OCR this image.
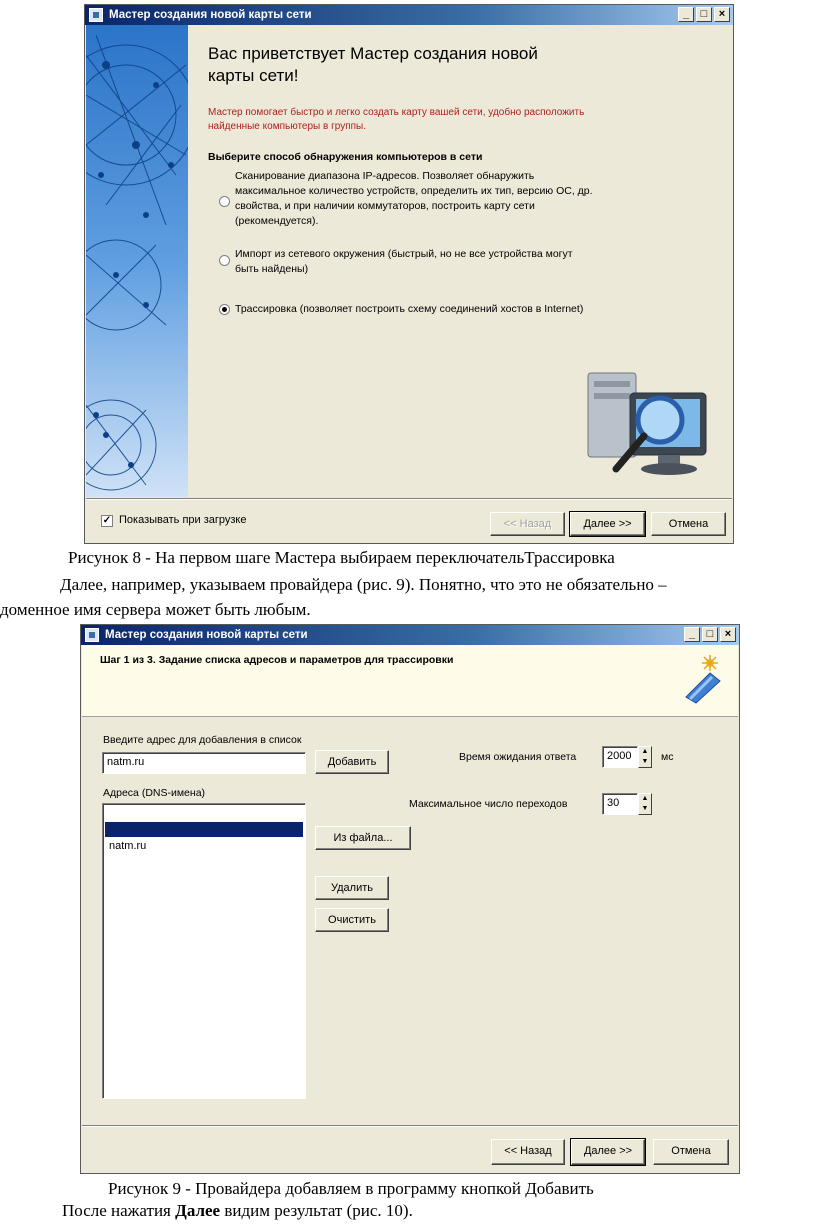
Мастер создания новой карты сети	_	□	×
Вас приветствует Мастер создания новой
карты сети!
Мастер помогает быстро и легко создать карту вашей сети, удобно расположить
найденные компьютеры в группы.
Выберите способ обнаружения компьютеров в сети
Сканирование диапазона IP-адресов. Позволяет обнаружить
максимальное количество устройств, определить их тип, версию ОС, др.
свойства, и при наличии коммутаторов, построить карту сети
(рекомендуется).
Импорт из сетевого окружения (быстрый, но не все устройства могут
быть найдены)
Трассировка (позволяет построить схему соединений хостов в Internet)
✓ Показывать при загрузке	<< Назад	Далее >>	Отмена
Рисунок 8 - На первом шаге Мастера выбираем переключательТрассировка
Далее, например, указываем провайдера (рис. 9). Понятно, что это не обязательно –
доменное имя сервера может быть любым.
Мастер создания новой карты сети	_	□	×
Шаг 1 из 3. Задание списка адресов и параметров для трассировки
Введите адрес для добавления в список
natm.ru	Добавить
Адреса (DNS-имена)
natm.ru
Из файла...
Удалить
Очистить
Время ожидания ответа	2000	▲
▼ мс
Максимальное число переходов	30	▲
▼
<< Назад	Далее >>	Отмена
Рисунок 9 - Провайдера добавляем в программу кнопкой Добавить
После нажатия Далее видим результат (рис. 10).
